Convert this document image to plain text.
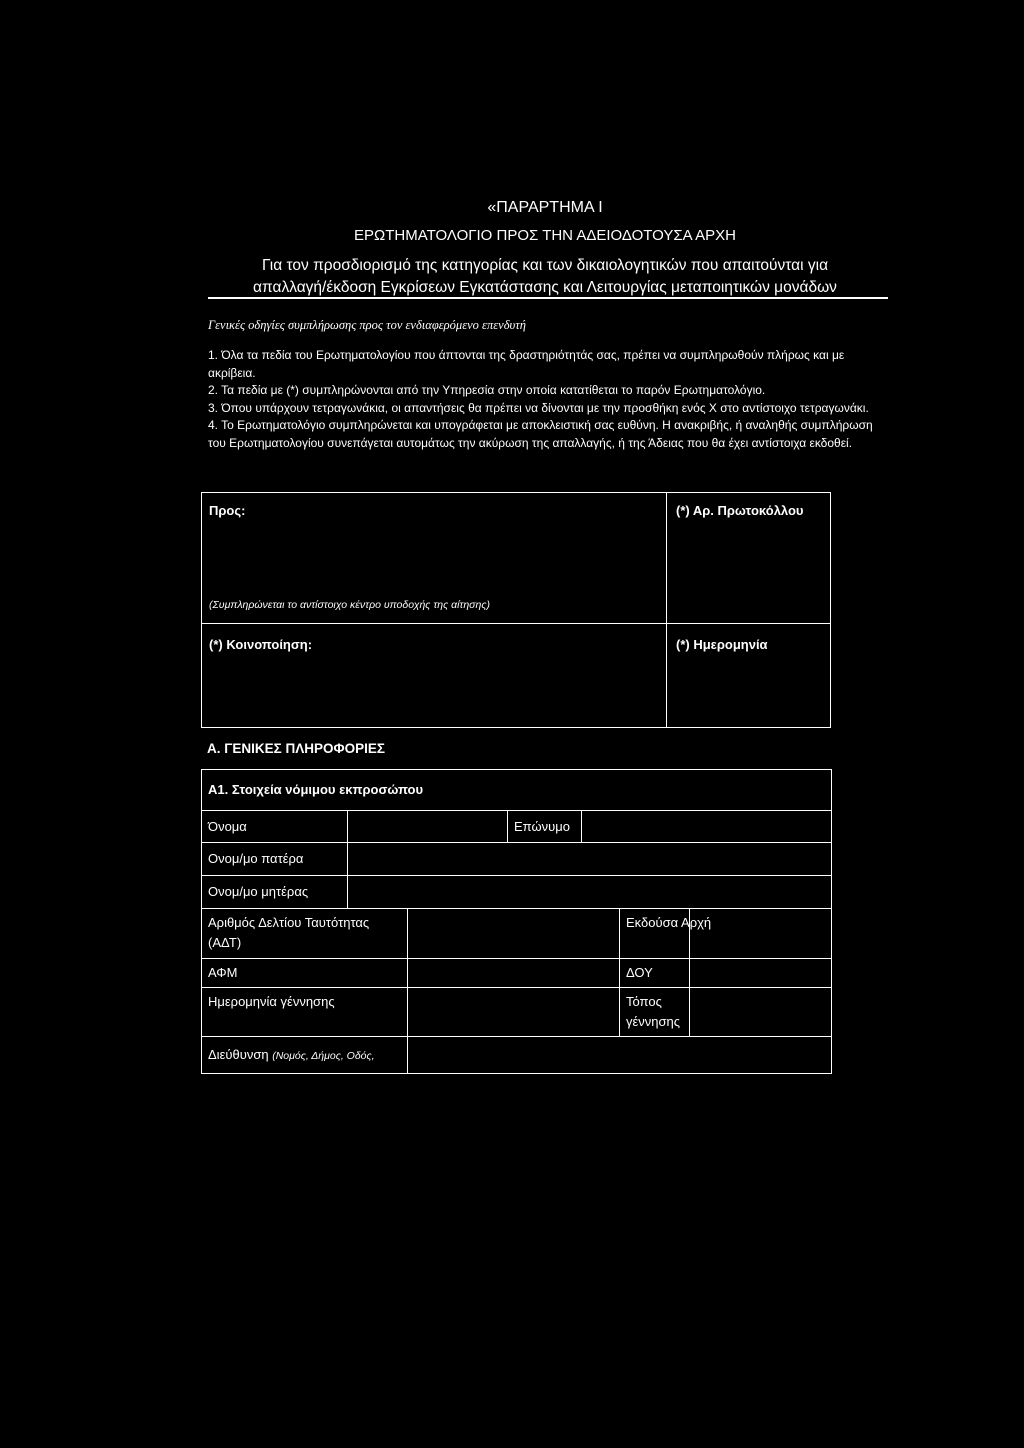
«ΠΑΡΑΡΤΗΜΑ Ι
ΕΡΩΤΗΜΑΤΟΛΟΓΙΟ ΠΡΟΣ ΤΗΝ ΑΔΕΙΟΔΟΤΟΥΣΑ ΑΡΧΗ
Για τον προσδιορισμό της κατηγορίας και των δικαιολογητικών που απαιτούνται για
απαλλαγή/έκδοση Εγκρίσεων Εγκατάστασης και Λειτουργίας μεταποιητικών μονάδων
Γενικές οδηγίες συμπλήρωσης προς τον ενδιαφερόμενο επενδυτή

1. Όλα τα πεδία του Ερωτηματολογίου που άπτονται της δραστηριότητάς σας, πρέπει να συμπληρωθούν πλήρως και με ακρίβεια.

2. Τα πεδία με (*) συμπληρώνονται από την Υπηρεσία στην οποία κατατίθεται το παρόν Ερωτηματολόγιο.

3. Όπου υπάρχουν τετραγωνάκια, οι απαντήσεις θα πρέπει να δίνονται με την προσθήκη ενός X στο αντίστοιχο τετραγωνάκι.

4. Το Ερωτηματολόγιο συμπληρώνεται και υπογράφεται με αποκλειστική σας ευθύνη. Η ανακριβής, ή αναληθής συμπλήρωση του Ερωτηματολογίου συνεπάγεται αυτομάτως την ακύρωση της απαλλαγής, ή της Άδειας που θα έχει αντίστοιχα εκδοθεί.

Προς:	(*) Αρ. Πρωτοκόλλου
(Συμπληρώνεται το αντίστοιχο κέντρο υποδοχής της αίτησης)
(*) Κοινοποίηση:	(*) Ημερομηνία
Α. ΓΕΝΙΚΕΣ ΠΛΗΡΟΦΟΡΙΕΣ
Α1. Στοιχεία νόμιμου εκπροσώπου						
Όνομα			Επώνυμο			
Ονομ/μο πατέρα						
Ονομ/μο μητέρας						
Αριθμός Δελτίου Ταυτότητας (ΑΔΤ)					Εκδούσα Αρχή	
ΑΦΜ					ΔΟΥ	
Ημερομηνία γέννησης					Τόπος γέννησης	
Διεύθυνση (Νομός, Δήμος, Οδός,						
